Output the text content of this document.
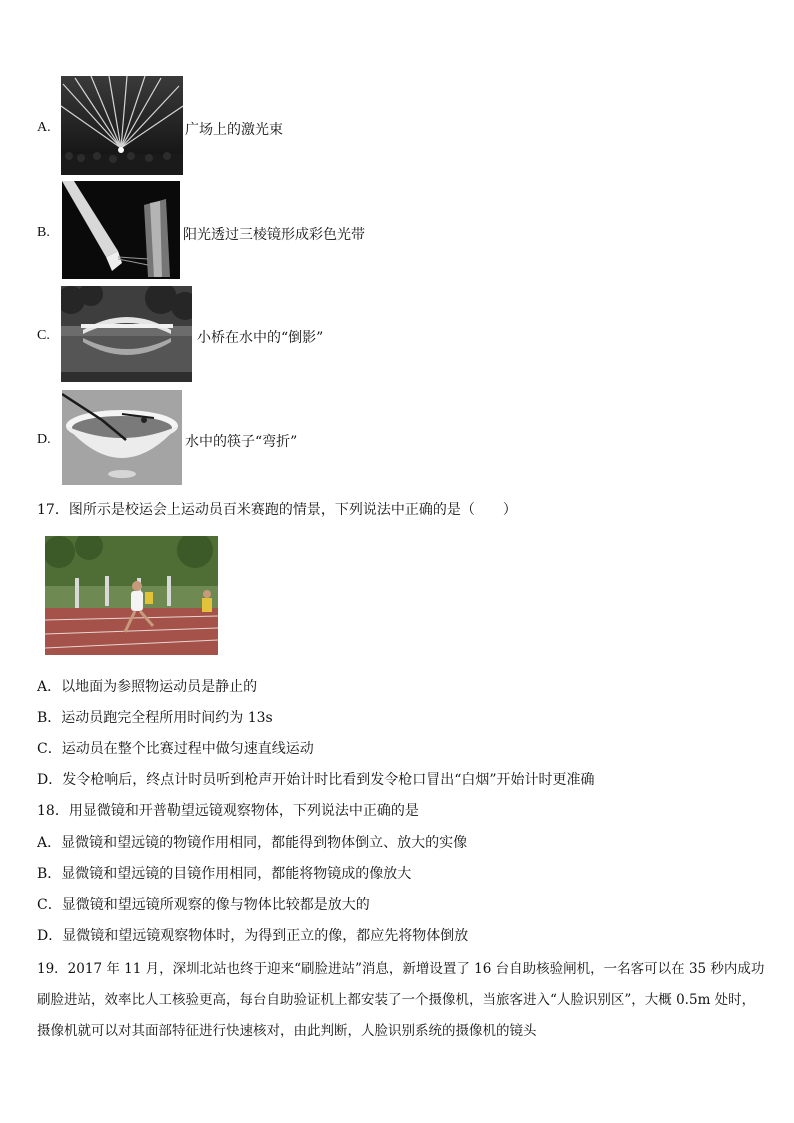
A.	广场上的激光束
B.	阳光透过三棱镜形成彩色光带
C.	小桥在水中的“倒影”
D.	水中的筷子“弯折”
17．图所示是校运会上运动员百米赛跑的情景，下列说法中正确的是（　　）
A．以地面为参照物运动员是静止的
B．运动员跑完全程所用时间约为 13s
C．运动员在整个比赛过程中做匀速直线运动
D．发令枪响后，终点计时员听到枪声开始计时比看到发令枪口冒出“白烟”开始计时更准确
18．用显微镜和开普勒望远镜观察物体，下列说法中正确的是
A．显微镜和望远镜的物镜作用相同，都能得到物体倒立、放大的实像
B．显微镜和望远镜的目镜作用相同，都能将物镜成的像放大
C．显微镜和望远镜所观察的像与物体比较都是放大的
D．显微镜和望远镜观察物体时，为得到正立的像，都应先将物体倒放
19．2017 年 11 月，深圳北站也终于迎来“刷脸进站”消息，新增设置了 16 台自助核验闸机，一名客可以在 35 秒内成功
刷脸进站，效率比人工核验更高，每台自助验证机上都安装了一个摄像机，当旅客进入“人脸识别区”，大概 0.5m 处时，
摄像机就可以对其面部特征进行快速核对，由此判断，人脸识别系统的摄像机的镜头
